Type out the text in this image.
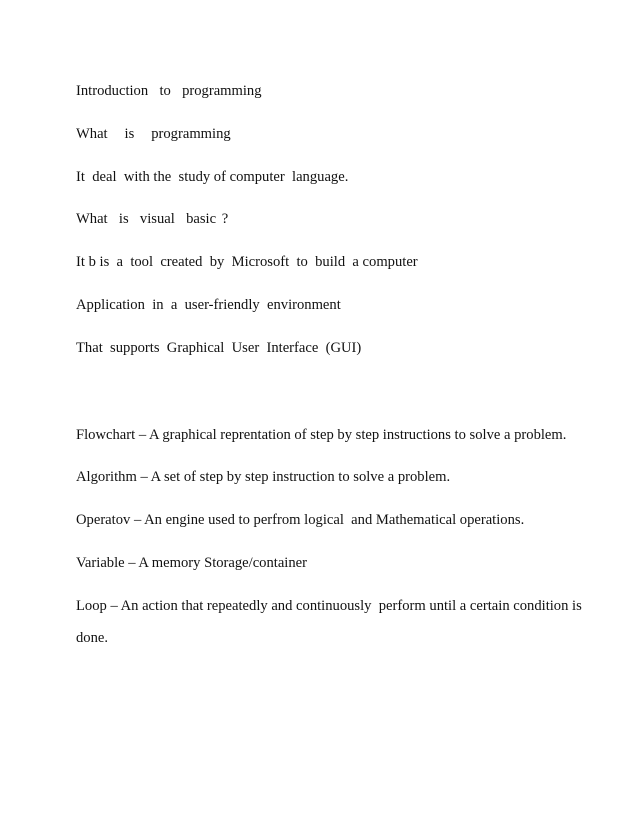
Introduction  to  programming
What   is   programming
It  deal  with the  study of computer  language.
What  is  visual  basic ?
It b is  a  tool  created  by  Microsoft  to  build  a computer
Application  in  a  user-friendly  environment
That  supports  Graphical  User  Interface  (GUI)
Flowchart – A graphical reprentation of step by step instructions to solve a problem.
Algorithm – A set of step by step instruction to solve a problem.
Operatov – An engine used to perfrom logical  and Mathematical operations.
Variable – A memory Storage/container
Loop – An action that repeatedly and continuously  perform until a certain condition is
done.
